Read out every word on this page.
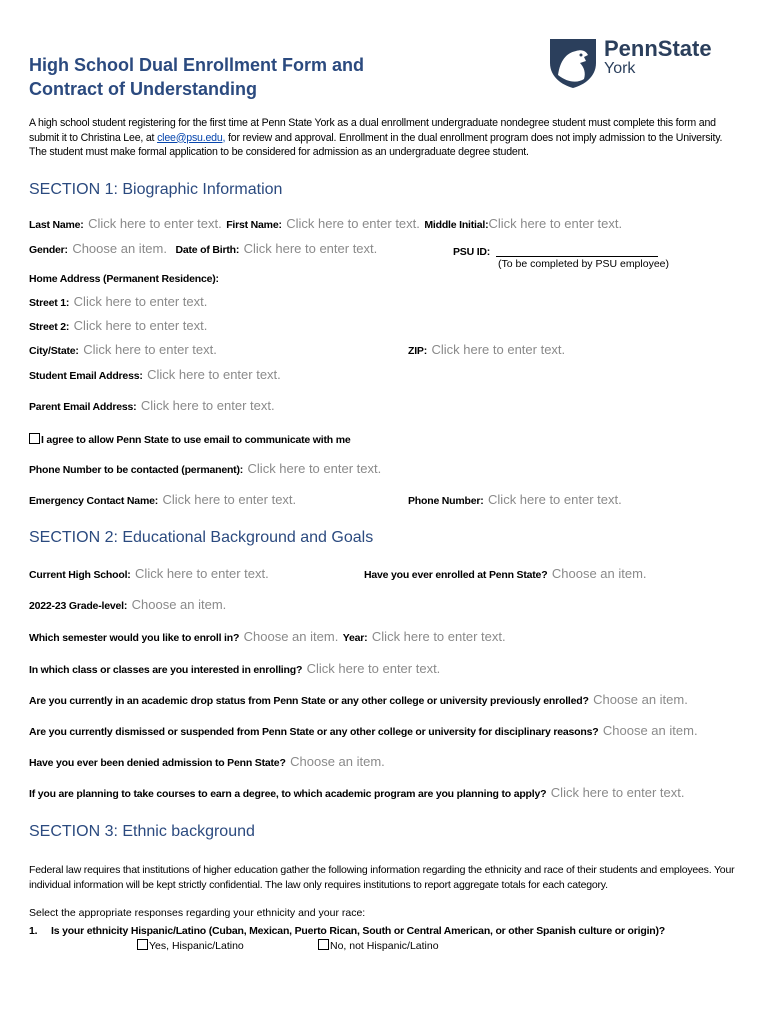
High School Dual Enrollment Form and
Contract of Understanding
PennState
York
A high school student registering for the first time at Penn State York as a dual enrollment undergraduate nondegree student must complete this form and submit it to Christina Lee, at clee@psu.edu, for review and approval. Enrollment in the dual enrollment program does not imply admission to the University. The student must make formal application to be considered for admission as an undergraduate degree student.
SECTION 1: Biographic Information
Last Name: Click here to enter text. First Name: Click here to enter text. Middle Initial:Click here to enter text.
Gender: Choose an item. Date of Birth: Click here to enter text.	PSU ID:
(To be completed by PSU employee)
Home Address (Permanent Residence):
Street 1: Click here to enter text.
Street 2: Click here to enter text.
City/State: Click here to enter text.	ZIP: Click here to enter text.
Student Email Address: Click here to enter text.
Parent Email Address: Click here to enter text.
I agree to allow Penn State to use email to communicate with me
Phone Number to be contacted (permanent): Click here to enter text.
Emergency Contact Name: Click here to enter text.	Phone Number: Click here to enter text.
SECTION 2: Educational Background and Goals
Current High School: Click here to enter text.	Have you ever enrolled at Penn State? Choose an item.
2022-23 Grade-level: Choose an item.
Which semester would you like to enroll in? Choose an item. Year: Click here to enter text.
In which class or classes are you interested in enrolling? Click here to enter text.
Are you currently in an academic drop status from Penn State or any other college or university previously enrolled? Choose an item.
Are you currently dismissed or suspended from Penn State or any other college or university for disciplinary reasons? Choose an item.
Have you ever been denied admission to Penn State? Choose an item.
If you are planning to take courses to earn a degree, to which academic program are you planning to apply? Click here to enter text.
SECTION 3: Ethnic background
Federal law requires that institutions of higher education gather the following information regarding the ethnicity and race of their students and employees. Your individual information will be kept strictly confidential. The law only requires institutions to report aggregate totals for each category.
Select the appropriate responses regarding your ethnicity and your race:
1. Is your ethnicity Hispanic/Latino (Cuban, Mexican, Puerto Rican, South or Central American, or other Spanish culture or origin)?
Yes, Hispanic/Latino	No, not Hispanic/Latino
